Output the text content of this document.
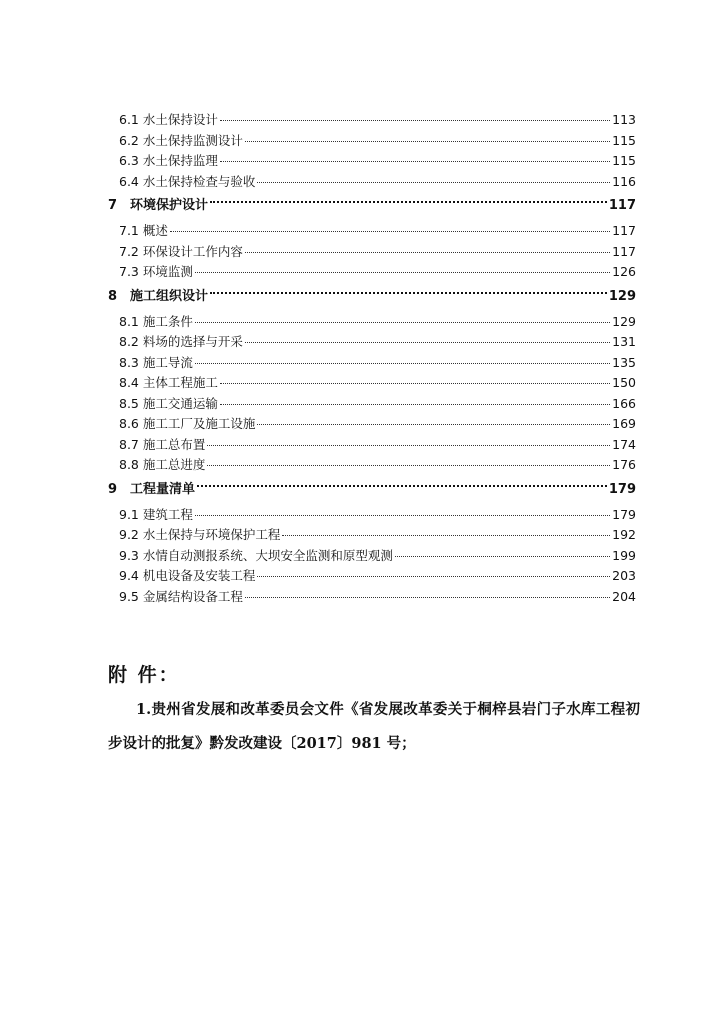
6.1 水土保持设计	113
6.2 水土保持监测设计	115
6.3 水土保持监理	115
6.4 水土保持检查与验收	116
7 环境保护设计	117
7.1 概述	117
7.2 环保设计工作内容	117
7.3 环境监测	126
8 施工组织设计	129
8.1 施工条件	129
8.2 料场的选择与开采	131
8.3 施工导流	135
8.4 主体工程施工	150
8.5 施工交通运输	166
8.6 施工工厂及施工设施	169
8.7 施工总布置	174
8.8 施工总进度	176
9 工程量清单	179
9.1 建筑工程	179
9.2 水土保持与环境保护工程	192
9.3 水情自动测报系统、大坝安全监测和原型观测	199
9.4 机电设备及安装工程	203
9.5 金属结构设备工程	204
附 件：
1.贵州省发展和改革委员会文件《省发展改革委关于桐梓县岩门子水库工程初步设计的批复》黔发改建设〔2017〕981 号；
